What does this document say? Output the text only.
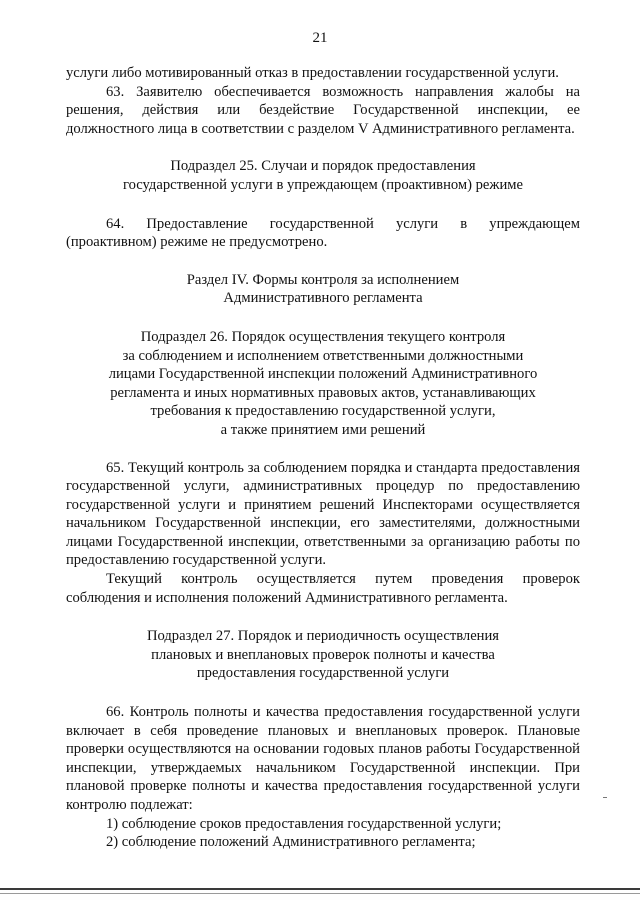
21

услуги либо мотивированный отказ в предоставлении государственной услуги.

63. Заявителю обеспечивается возможность направления жалобы на решения, действия или бездействие Государственной инспекции, ее должностного лица в соответствии с разделом V Административного регламента.

Подраздел 25. Случаи и порядок предоставления

государственной услуги в упреждающем (проактивном) режиме

64. Предоставление государственной услуги в упреждающем (проактивном) режиме не предусмотрено.

Раздел IV. Формы контроля за исполнением

Административного регламента

Подраздел 26. Порядок осуществления текущего контроля

за соблюдением и исполнением ответственными должностными

лицами Государственной инспекции положений Административного

регламента и иных нормативных правовых актов, устанавливающих

требования к предоставлению государственной услуги,

а также принятием ими решений

65. Текущий контроль за соблюдением порядка и стандарта предоставления государственной услуги, административных процедур по предоставлению государственной услуги и принятием решений Инспекторами осуществляется начальником Государственной инспекции, его заместителями, должностными лицами Государственной инспекции, ответственными за организацию работы по предоставлению государственной услуги.

Текущий контроль осуществляется путем проведения проверок соблюдения и исполнения положений Административного регламента.

Подраздел 27. Порядок и периодичность осуществления

плановых и внеплановых проверок полноты и качества

предоставления государственной услуги

66. Контроль полноты и качества предоставления государственной услуги включает в себя проведение плановых и внеплановых проверок. Плановые проверки осуществляются на основании годовых планов работы Государственной инспекции, утверждаемых начальником Государственной инспекции. При плановой проверке полноты и качества предоставления государственной услуги контролю подлежат:

1) соблюдение сроков предоставления государственной услуги;

2) соблюдение положений Административного регламента;
